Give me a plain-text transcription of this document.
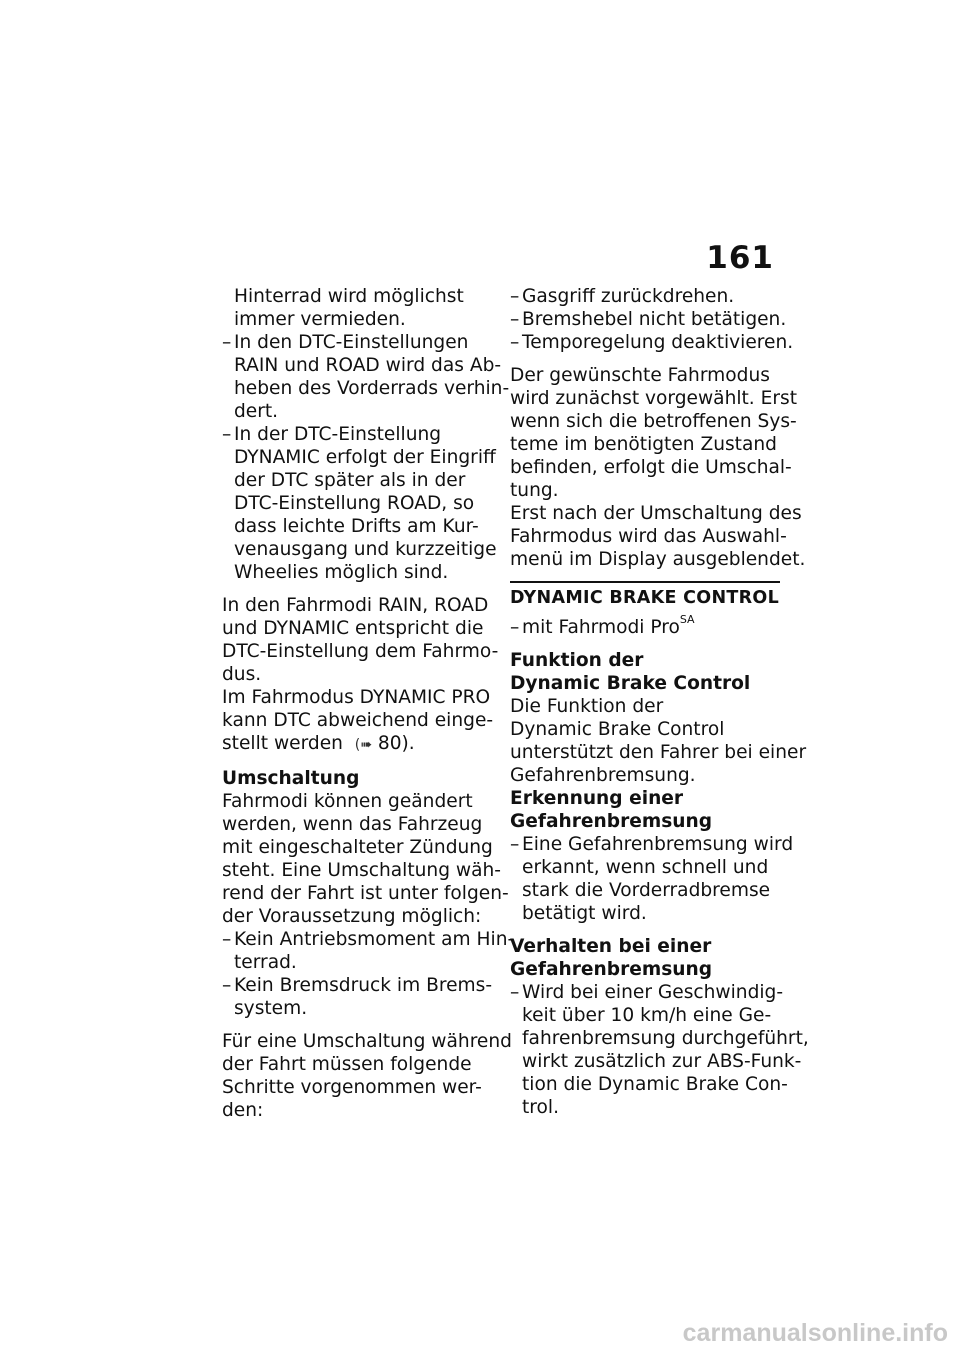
161
Hinterrad wird möglichst
immer vermieden.
– In den DTC-Einstellungen
RAIN und ROAD wird das Ab-
heben des Vorderrads verhin-
dert.
– In der DTC-Einstellung
DYNAMIC erfolgt der Eingriff
der DTC später als in der
DTC-Einstellung ROAD, so
dass leichte Drifts am Kur-
venausgang und kurzzeitige
Wheelies möglich sind.
In den Fahrmodi RAIN, ROAD
und DYNAMIC entspricht die
DTC-Einstellung dem Fahrmo-
dus.
Im Fahrmodus DYNAMIC PRO
kann DTC abweichend einge-
stellt werden (➠ 80).
Umschaltung
Fahrmodi können geändert
werden, wenn das Fahrzeug
mit eingeschalteter Zündung
steht. Eine Umschaltung wäh-
rend der Fahrt ist unter folgen-
der Voraussetzung möglich:
– Kein Antriebsmoment am Hin-
terrad.
– Kein Bremsdruck im Brems-
system.
Für eine Umschaltung während
der Fahrt müssen folgende
Schritte vorgenommen wer-
den:
– Gasgriff zurückdrehen.
– Bremshebel nicht betätigen.
– Temporegelung deaktivieren.
Der gewünschte Fahrmodus
wird zunächst vorgewählt. Erst
wenn sich die betroffenen Sys-
teme im benötigten Zustand
befinden, erfolgt die Umschal-
tung.
Erst nach der Umschaltung des
Fahrmodus wird das Auswahl-
menü im Display ausgeblendet.
DYNAMIC BRAKE CONTROL
– mit Fahrmodi Pro$^{SA}$
Funktion der
Dynamic Brake Control
Die Funktion der
Dynamic Brake Control
unterstützt den Fahrer bei einer
Gefahrenbremsung.
Erkennung einer
Gefahrenbremsung
– Eine Gefahrenbremsung wird
erkannt, wenn schnell und
stark die Vorderradbremse
betätigt wird.
Verhalten bei einer
Gefahrenbremsung
– Wird bei einer Geschwindig-
keit über 10 km/h eine Ge-
fahrenbremsung durchgeführt,
wirkt zusätzlich zur ABS-Funk-
tion die Dynamic Brake Con-
trol.
carmanualsonline.info
